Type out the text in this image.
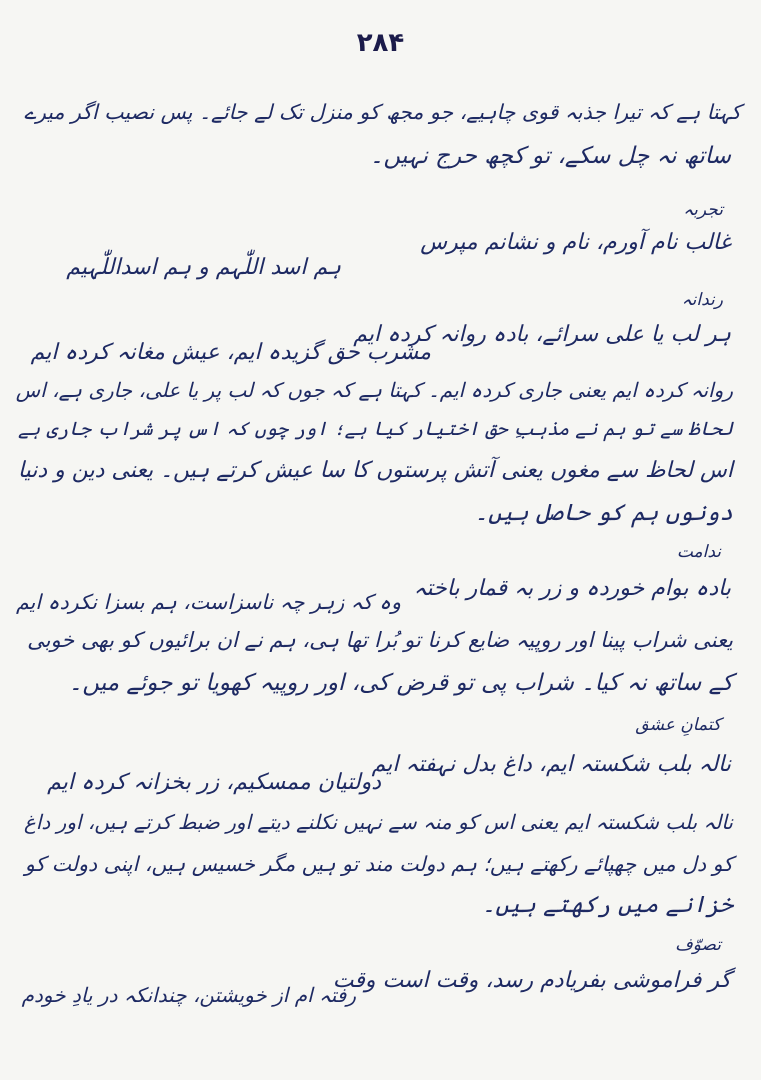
۲۸۴
کہتا ہے کہ تیرا جذبہ قوی چاہیے، جو مجھ کو منزل تک لے جائے۔ پس نصیب اگر میرے
ساتھ نہ چل سکے، تو کچھ حرج نہیں۔
تجربہ
غالب نام آورم، نام و نشانم مپرس
ہم اسد اللّٰہم و ہم اسداللّٰہیم
رندانہ
ہر لب یا علی سرائے، بادہ روانہ کردہ ایم
مشرب حق گزیدہ ایم، عیش مغانہ کردہ ایم
روانہ کردہ ایم یعنی جاری کردہ ایم۔ کہتا ہے کہ جوں کہ لب پر یا علی، جاری ہے، اس
لحاظ سے تو ہم نے مذہبِ حق اختیار کیا ہے؛ اور چوں کہ اس پر شراب جاری ہے
اس لحاظ سے مغوں یعنی آتش پرستوں کا سا عیش کرتے ہیں۔ یعنی دین و دنیا
دونوں ہم کو حاصل ہیں۔
ندامت
بادہ بوام خوردہ و زر بہ قمار باختہ
وہ کہ زہر چہ ناسزاست، ہم بسزا نکردہ ایم
یعنی شراب پینا اور روپیہ ضایع کرنا تو بُرا تھا ہی، ہم نے ان برائیوں کو بھی خوبی
کے ساتھ نہ کیا۔ شراب پی تو قرض کی، اور روپیہ کھویا تو جوئے میں۔
کتمانِ عشق
نالہ بلب شکستہ ایم، داغ بدل نہفتہ ایم
دولتیان ممسکیم، زر بخزانہ کردہ ایم
نالہ بلب شکستہ ایم یعنی اس کو منہ سے نہیں نکلنے دیتے اور ضبط کرتے ہیں، اور داغ
کو دل میں چھپائے رکھتے ہیں؛ ہم دولت مند تو ہیں مگر خسیس ہیں، اپنی دولت کو
خزانے میں رکھتے ہیں۔
تصوّف
گر فراموشی بفریادم رسد، وقت است وقت
رفتہ ام از خویشتن، چندانکہ در یادِ خودم
